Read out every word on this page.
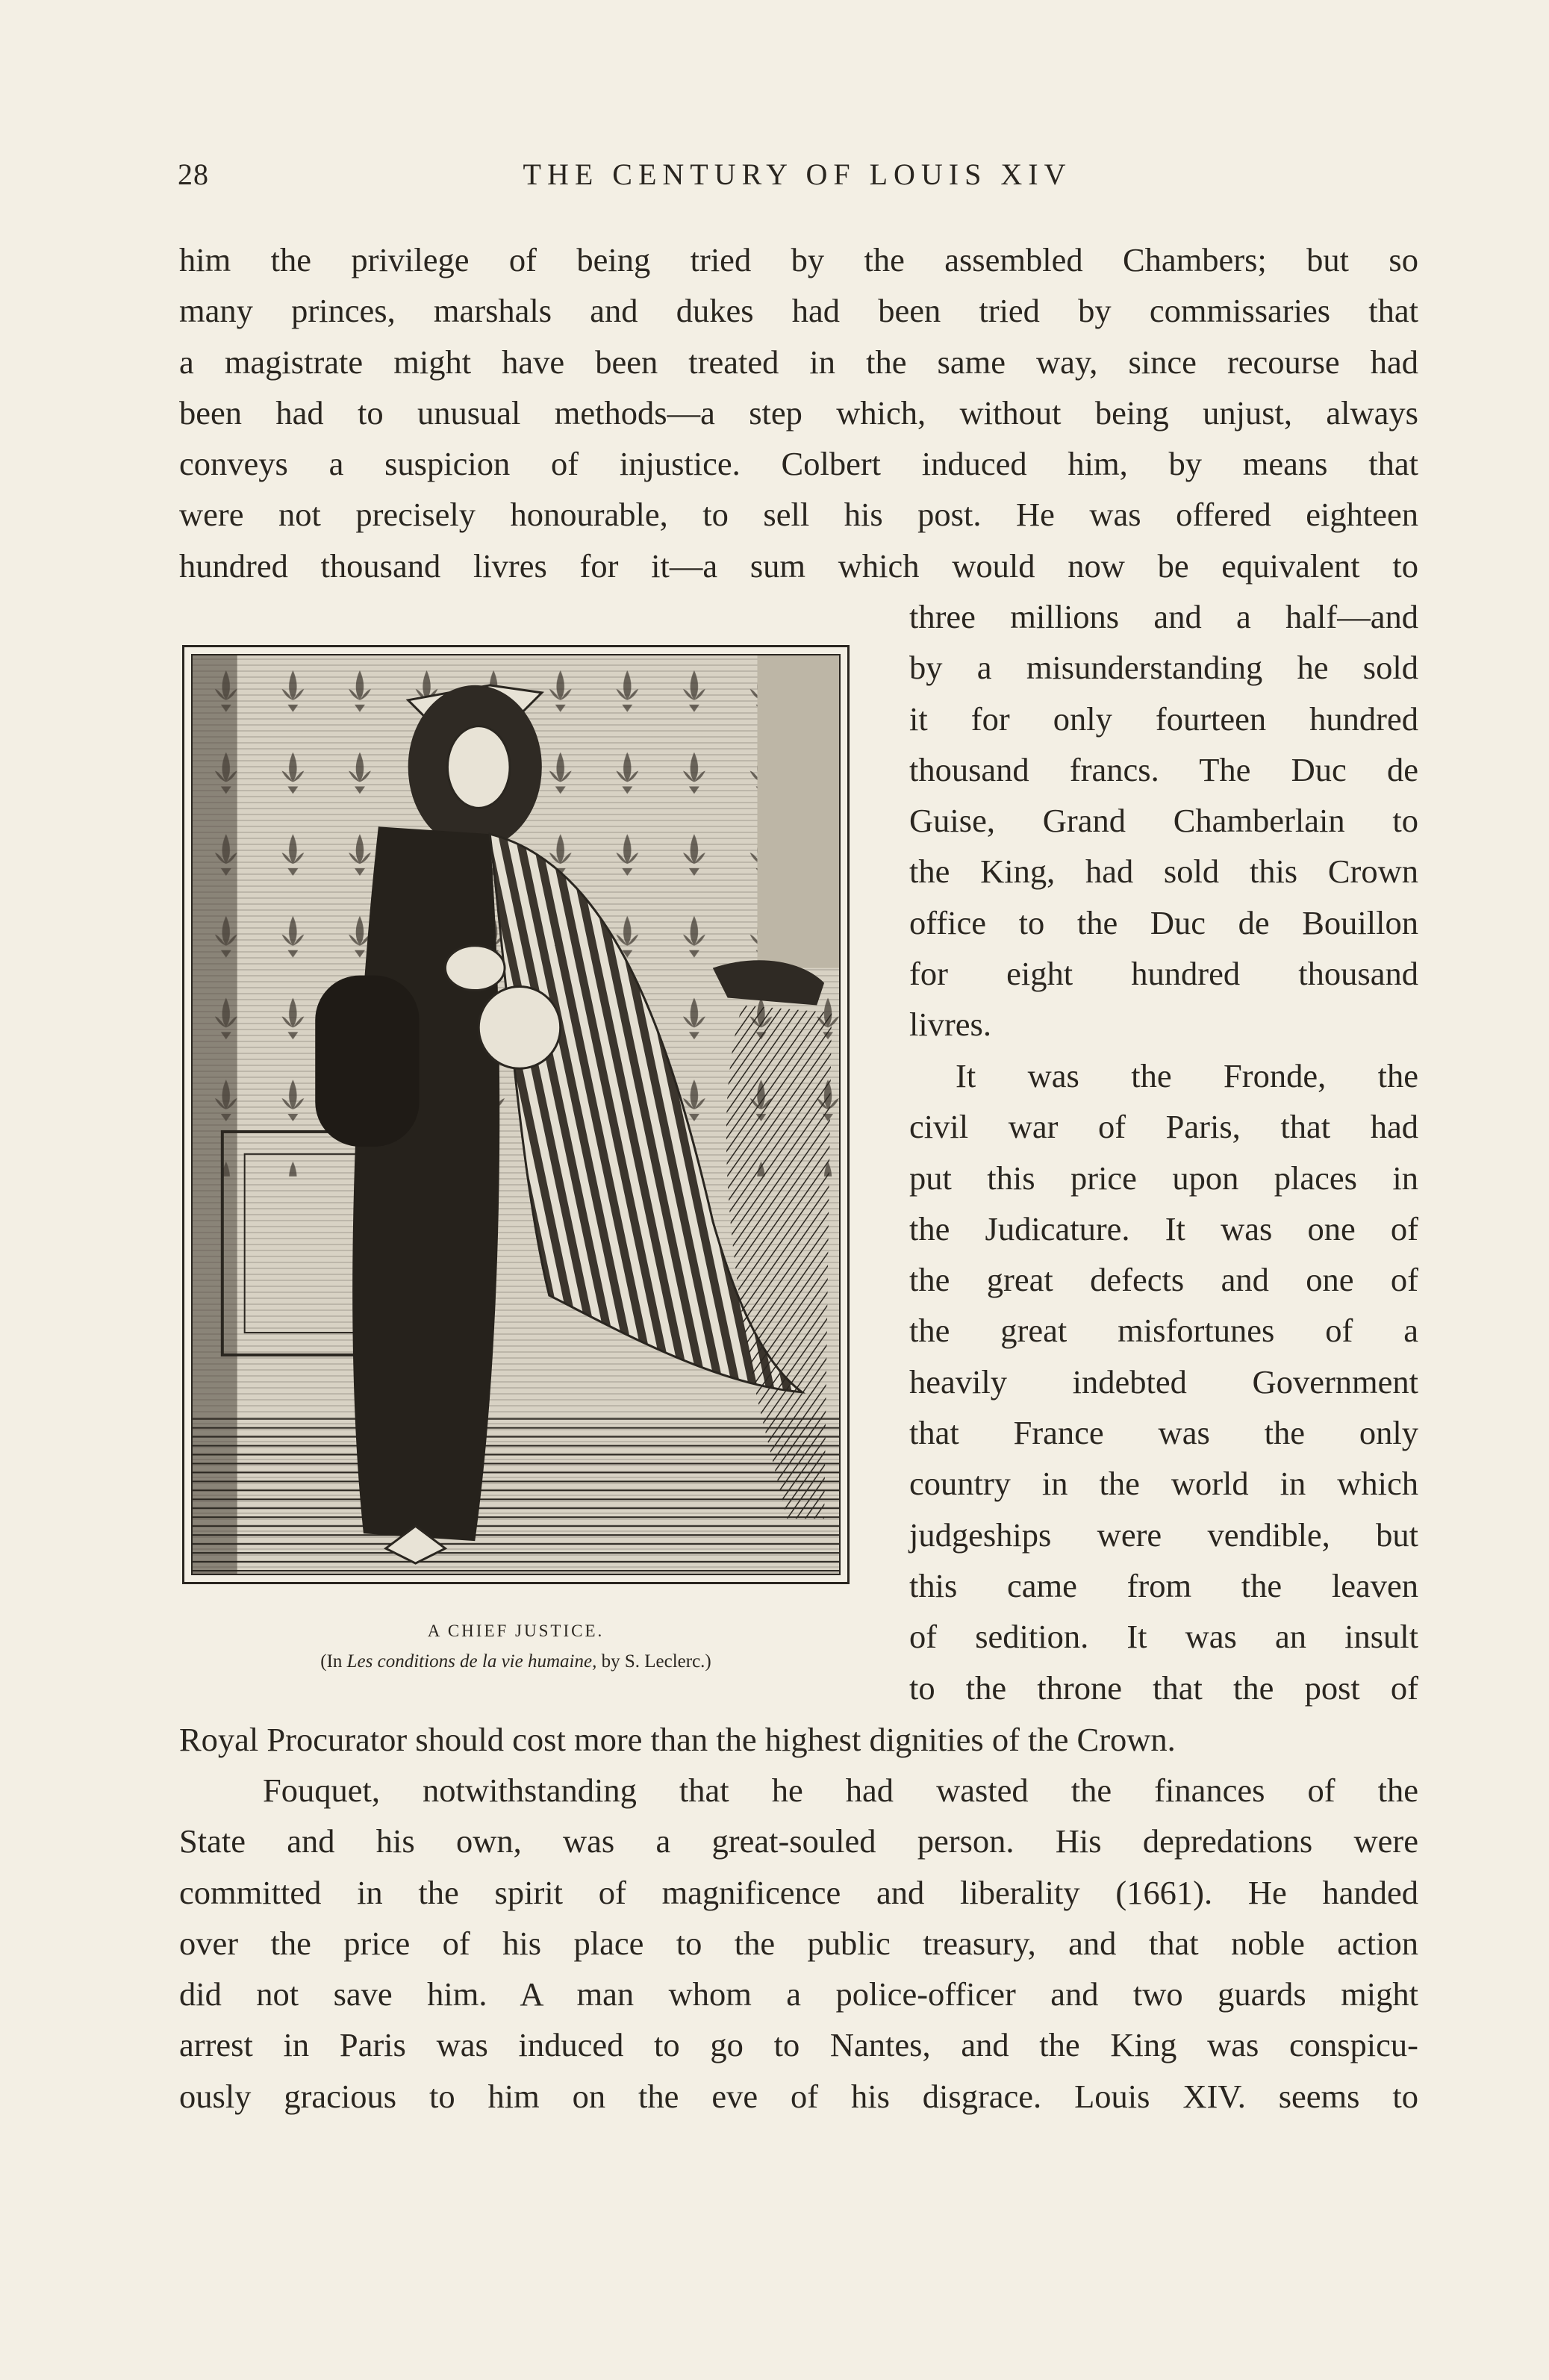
28	THE CENTURY OF LOUIS XIV
him the privilege of being tried by the assembled Chambers; but so
many princes, marshals and dukes had been tried by commissaries that
a magistrate might have been treated in the same way, since recourse had
been had to unusual methods—a step which, without being unjust, always
conveys a suspicion of injustice. Colbert induced him, by means that
were not precisely honourable, to sell his post. He was offered eighteen
hundred thousand livres for it—a sum which would now be equivalent to
three millions and a half—and
by a misunderstanding he sold
it for only fourteen hundred
thousand francs. The Duc de
Guise, Grand Chamberlain to
the King, had sold this Crown
office to the Duc de Bouillon
for eight hundred thousand
livres.
It was the Fronde, the
civil war of Paris, that had
put this price upon places in
the Judicature. It was one of
the great defects and one of
the great misfortunes of a
heavily indebted Government
that France was the only
country in the world in which
judgeships were vendible, but
this came from the leaven
of sedition. It was an insult
to the throne that the post of
Royal Procurator should cost more than the highest dignities of the Crown.
Fouquet, notwithstanding that he had wasted the finances of the
State and his own, was a great-souled person. His depredations were
committed in the spirit of magnificence and liberality (1661). He handed
over the price of his place to the public treasury, and that noble action
did not save him. A man whom a police-officer and two guards might
arrest in Paris was induced to go to Nantes, and the King was conspicu-
ously gracious to him on the eve of his disgrace. Louis XIV. seems to
A CHIEF JUSTICE.
(In Les conditions de la vie humaine, by S. Leclerc.)
